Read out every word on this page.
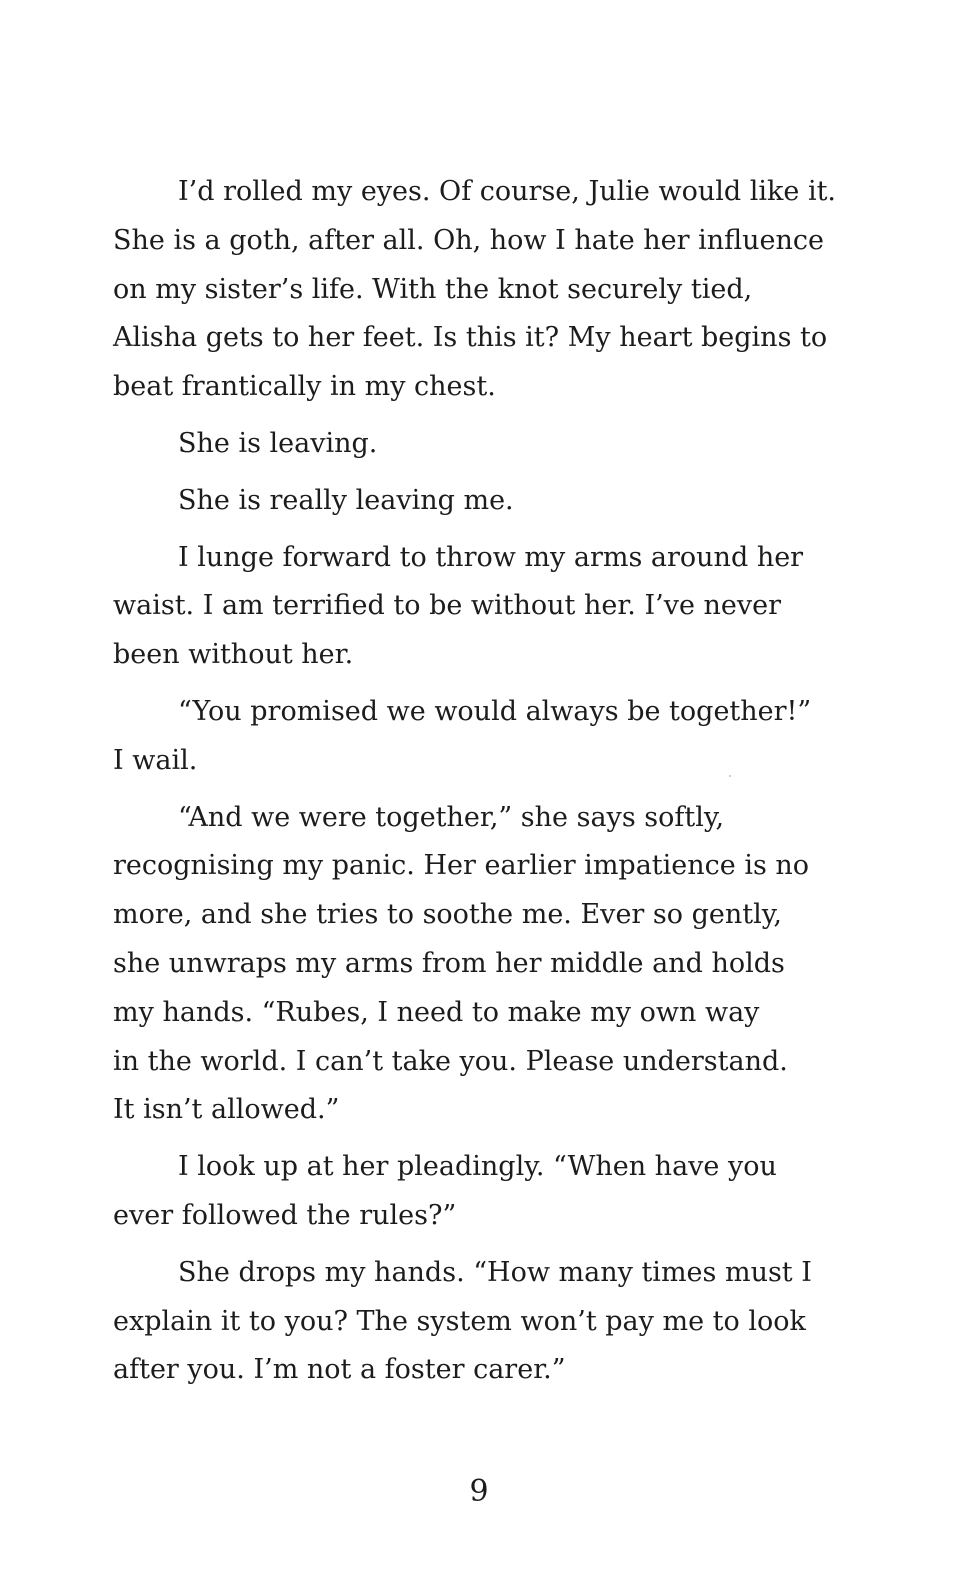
I’d rolled my eyes. Of course, Julie would like it.
She is a goth, after all. Oh, how I hate her influence
on my sister’s life. With the knot securely tied,
Alisha gets to her feet. Is this it? My heart begins to
beat frantically in my chest.

She is leaving.

She is really leaving me.

I lunge forward to throw my arms around her
waist. I am terrified to be without her. I’ve never
been without her.

“You promised we would always be together!”
I wail.

“And we were together,” she says softly,
recognising my panic. Her earlier impatience is no
more, and she tries to soothe me. Ever so gently,
she unwraps my arms from her middle and holds
my hands. “Rubes, I need to make my own way
in the world. I can’t take you. Please understand.
It isn’t allowed.”

I look up at her pleadingly. “When have you
ever followed the rules?”

She drops my hands. “How many times must I
explain it to you? The system won’t pay me to look
after you. I’m not a foster carer.”

9
